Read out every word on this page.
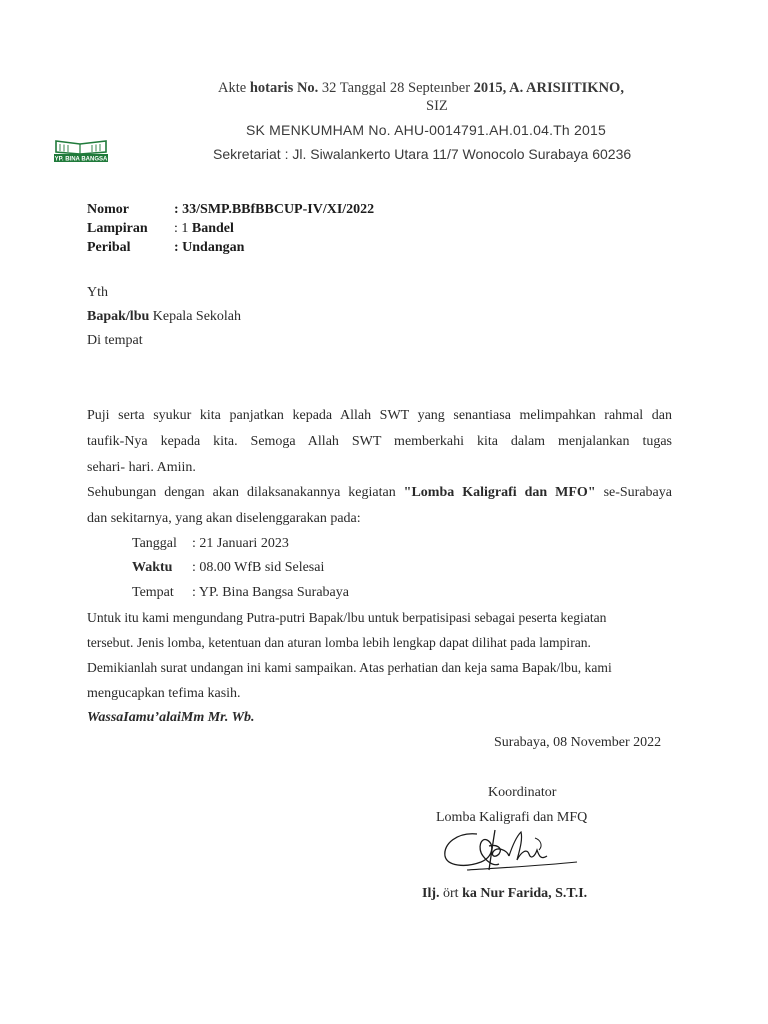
Akte hotaris No. 32 Tanggal 28 Septeınber 2015, A. ARISIITIKNO,
SIZ
SK MENKUMHAM No. AHU-0014791.AH.01.04.Th 2015
Sekretariat : Jl. Siwalankerto Utara 11/7 Wonocolo Surabaya 60236
YP. BINA BANGSA
Nomor	: 33/SMP.BBfBBCUP-IV/XI/2022
Lampiran : 1 Bandel
Peribal	: Undangan
Yth
Bapak/lbu Kepala Sekolah
Di tempat
Puji serta syukur kita panjatkan kepada Allah SWT yang senantiasa melimpahkan rahmal dan
taufik-Nya kepada kita. Semoga Allah SWT memberkahi kita dalam menjalankan tugas
sehari- hari. Amiin.
Sehubungan dengan akan dilaksanakannya kegiatan "Lomba Kaligrafi dan MFO" se-Surabaya
dan sekitarnya, yang akan diselenggarakan pada:
Tanggal : 21 Januari 2023
Waktu : 08.00 WfB sid Selesai
Tempat : YP. Bina Bangsa Surabaya
Untuk itu kami mengundang Putra-putri Bapak/lbu untuk berpatisipasi sebagai peserta kegiatan
tersebut. Jenis lomba, ketentuan dan aturan lomba lebih lengkap dapat dilihat pada lampiran.
Demikianlah surat undangan ini kami sampaikan. Atas perhatian dan keja sama Bapak/lbu, kami
mengucapkan tefima kasih.
WassaIamu’alaiMm Mr. Wb.
Surabaya, 08 November 2022
Koordinator
Lomba Kaligrafi dan MFQ
Ilj. ört ka Nur Farida, S.T.I.
